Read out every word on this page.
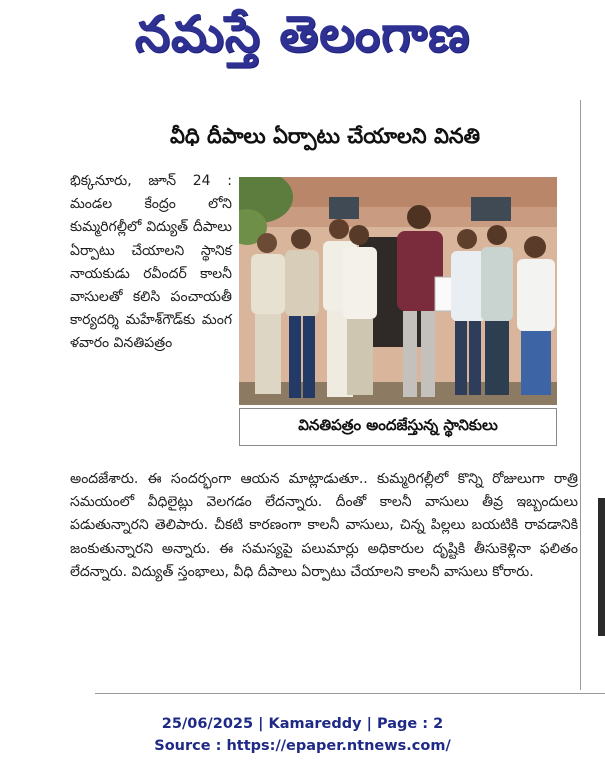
నమస్తే తెలంగాణ
వీధి దీపాలు ఏర్పాటు చేయాలని వినతి
భిక్కనూరు, జూన్ 24 : మండల కేంద్రం లోని కుమ్మరిగల్లీలో విద్యుత్ దీపాలు ఏర్పాటు చేయాలని స్థానిక నాయకుడు రవీందర్ కాలనీ వాసులతో కలిసి పంచాయతీ కార్యదర్శి మహేశ్‌గౌడ్‌కు మంగ ళవారం వినతిపత్రం
వినతిపత్రం అందజేస్తున్న స్థానికులు
అందజేశారు. ఈ సందర్భంగా ఆయన మాట్లాడుతూ.. కుమ్మరిగల్లీలో కొన్ని రోజులుగా రాత్రి సమయంలో వీధిలైట్లు వెలగడం లేదన్నారు. దీంతో కాలనీ వాసులు తీవ్ర ఇబ్బందులు పడుతున్నారని తెలిపారు. చీకటి కారణంగా కాలనీ వాసులు, చిన్న పిల్లలు బయటికి రావడానికి జంకుతున్నారని అన్నారు. ఈ సమస్యపై పలుమార్లు అధికారుల దృష్టికి తీసుకెళ్లినా ఫలితం లేదన్నారు. విద్యుత్ స్తంభాలు, వీధి దీపాలు ఏర్పాటు చేయాలని కాలనీ వాసులు కోరారు.
25/06/2025 | Kamareddy | Page : 2
Source : https://epaper.ntnews.com/
